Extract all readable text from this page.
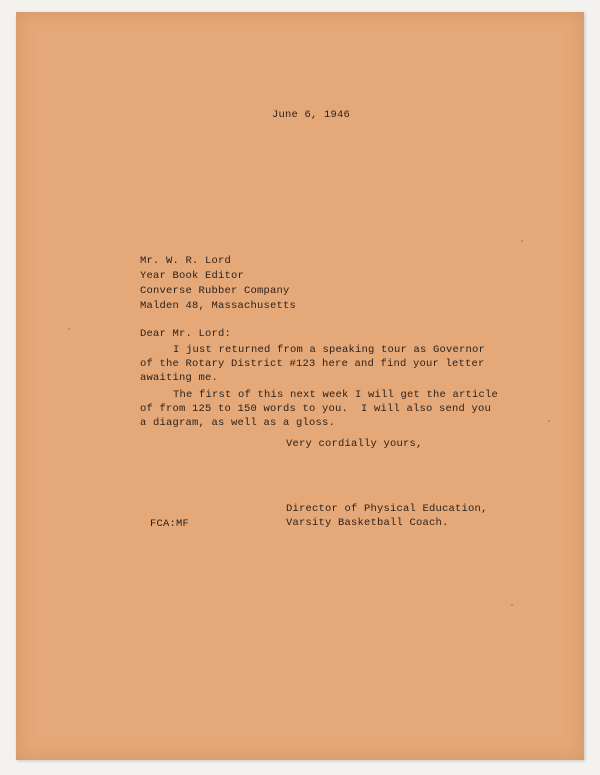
June 6, 1946
Mr. W. R. Lord
Year Book Editor
Converse Rubber Company
Malden 48, Massachusetts
Dear Mr. Lord:
I just returned from a speaking tour as Governor
of the Rotary District #123 here and find your letter
awaiting me.
The first of this next week I will get the article
of from 125 to 150 words to you.  I will also send you
a diagram, as well as a gloss.
Very cordially yours,
Director of Physical Education,
Varsity Basketball Coach.
FCA:MF
